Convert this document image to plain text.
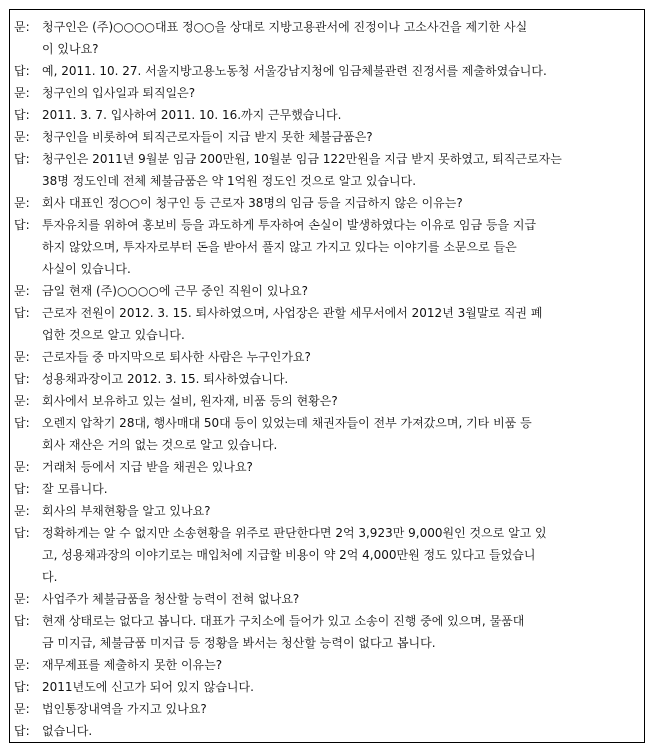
문:	청구인은 (주)○○○○대표 정○○을 상대로 지방고용관서에 진정이나 고소사건을 제기한 사실
이 있나요?
답:	예, 2011. 10. 27. 서울지방고용노동청 서울강남지청에 임금체불관련 진정서를 제출하였습니다.
문:	청구인의 입사일과 퇴직일은?
답:	2011. 3. 7. 입사하여 2011. 10. 16.까지 근무했습니다.
문:	청구인을 비롯하여 퇴직근로자들이 지급 받지 못한 체불금품은?
답:	청구인은 2011년 9월분 임금 200만원, 10월분 임금 122만원을 지급 받지 못하였고, 퇴직근로자는
38명 정도인데 전체 체불금품은 약 1억원 정도인 것으로 알고 있습니다.
문:	회사 대표인 정○○이 청구인 등 근로자 38명의 임금 등을 지급하지 않은 이유는?
답:	투자유치를 위하여 홍보비 등을 과도하게 투자하여 손실이 발생하였다는 이유로 임금 등을 지급
하지 않았으며, 투자자로부터 돈을 받아서 풀지 않고 가지고 있다는 이야기를 소문으로 들은
사실이 있습니다.
문:	금일 현재 (주)○○○○에 근무 중인 직원이 있나요?
답:	근로자 전원이 2012. 3. 15. 퇴사하였으며, 사업장은 관할 세무서에서 2012년 3월말로 직권 폐
업한 것으로 알고 있습니다.
문:	근로자들 중 마지막으로 퇴사한 사람은 누구인가요?
답:	성용채과장이고 2012. 3. 15. 퇴사하였습니다.
문:	회사에서 보유하고 있는 설비, 원자재, 비품 등의 현황은?
답:	오렌지 압착기 28대, 행사매대 50대 등이 있었는데 채권자들이 전부 가져갔으며, 기타 비품 등
회사 재산은 거의 없는 것으로 알고 있습니다.
문:	거래처 등에서 지급 받을 채권은 있나요?
답:	잘 모릅니다.
문:	회사의 부채현황을 알고 있나요?
답:	정확하게는 알 수 없지만 소송현황을 위주로 판단한다면 2억 3,923만 9,000원인 것으로 알고 있
고, 성용채과장의 이야기로는 매입처에 지급할 비용이 약 2억 4,000만원 정도 있다고 들었습니
다.
문:	사업주가 체불금품을 청산할 능력이 전혀 없나요?
답:	현재 상태로는 없다고 봅니다. 대표가 구치소에 들어가 있고 소송이 진행 중에 있으며, 물품대
금 미지급, 체불금품 미지급 등 정황을 봐서는 청산할 능력이 없다고 봅니다.
문:	재무제표를 제출하지 못한 이유는?
답:	2011년도에 신고가 되어 있지 않습니다.
문:	법인통장내역을 가지고 있나요?
답:	없습니다.
